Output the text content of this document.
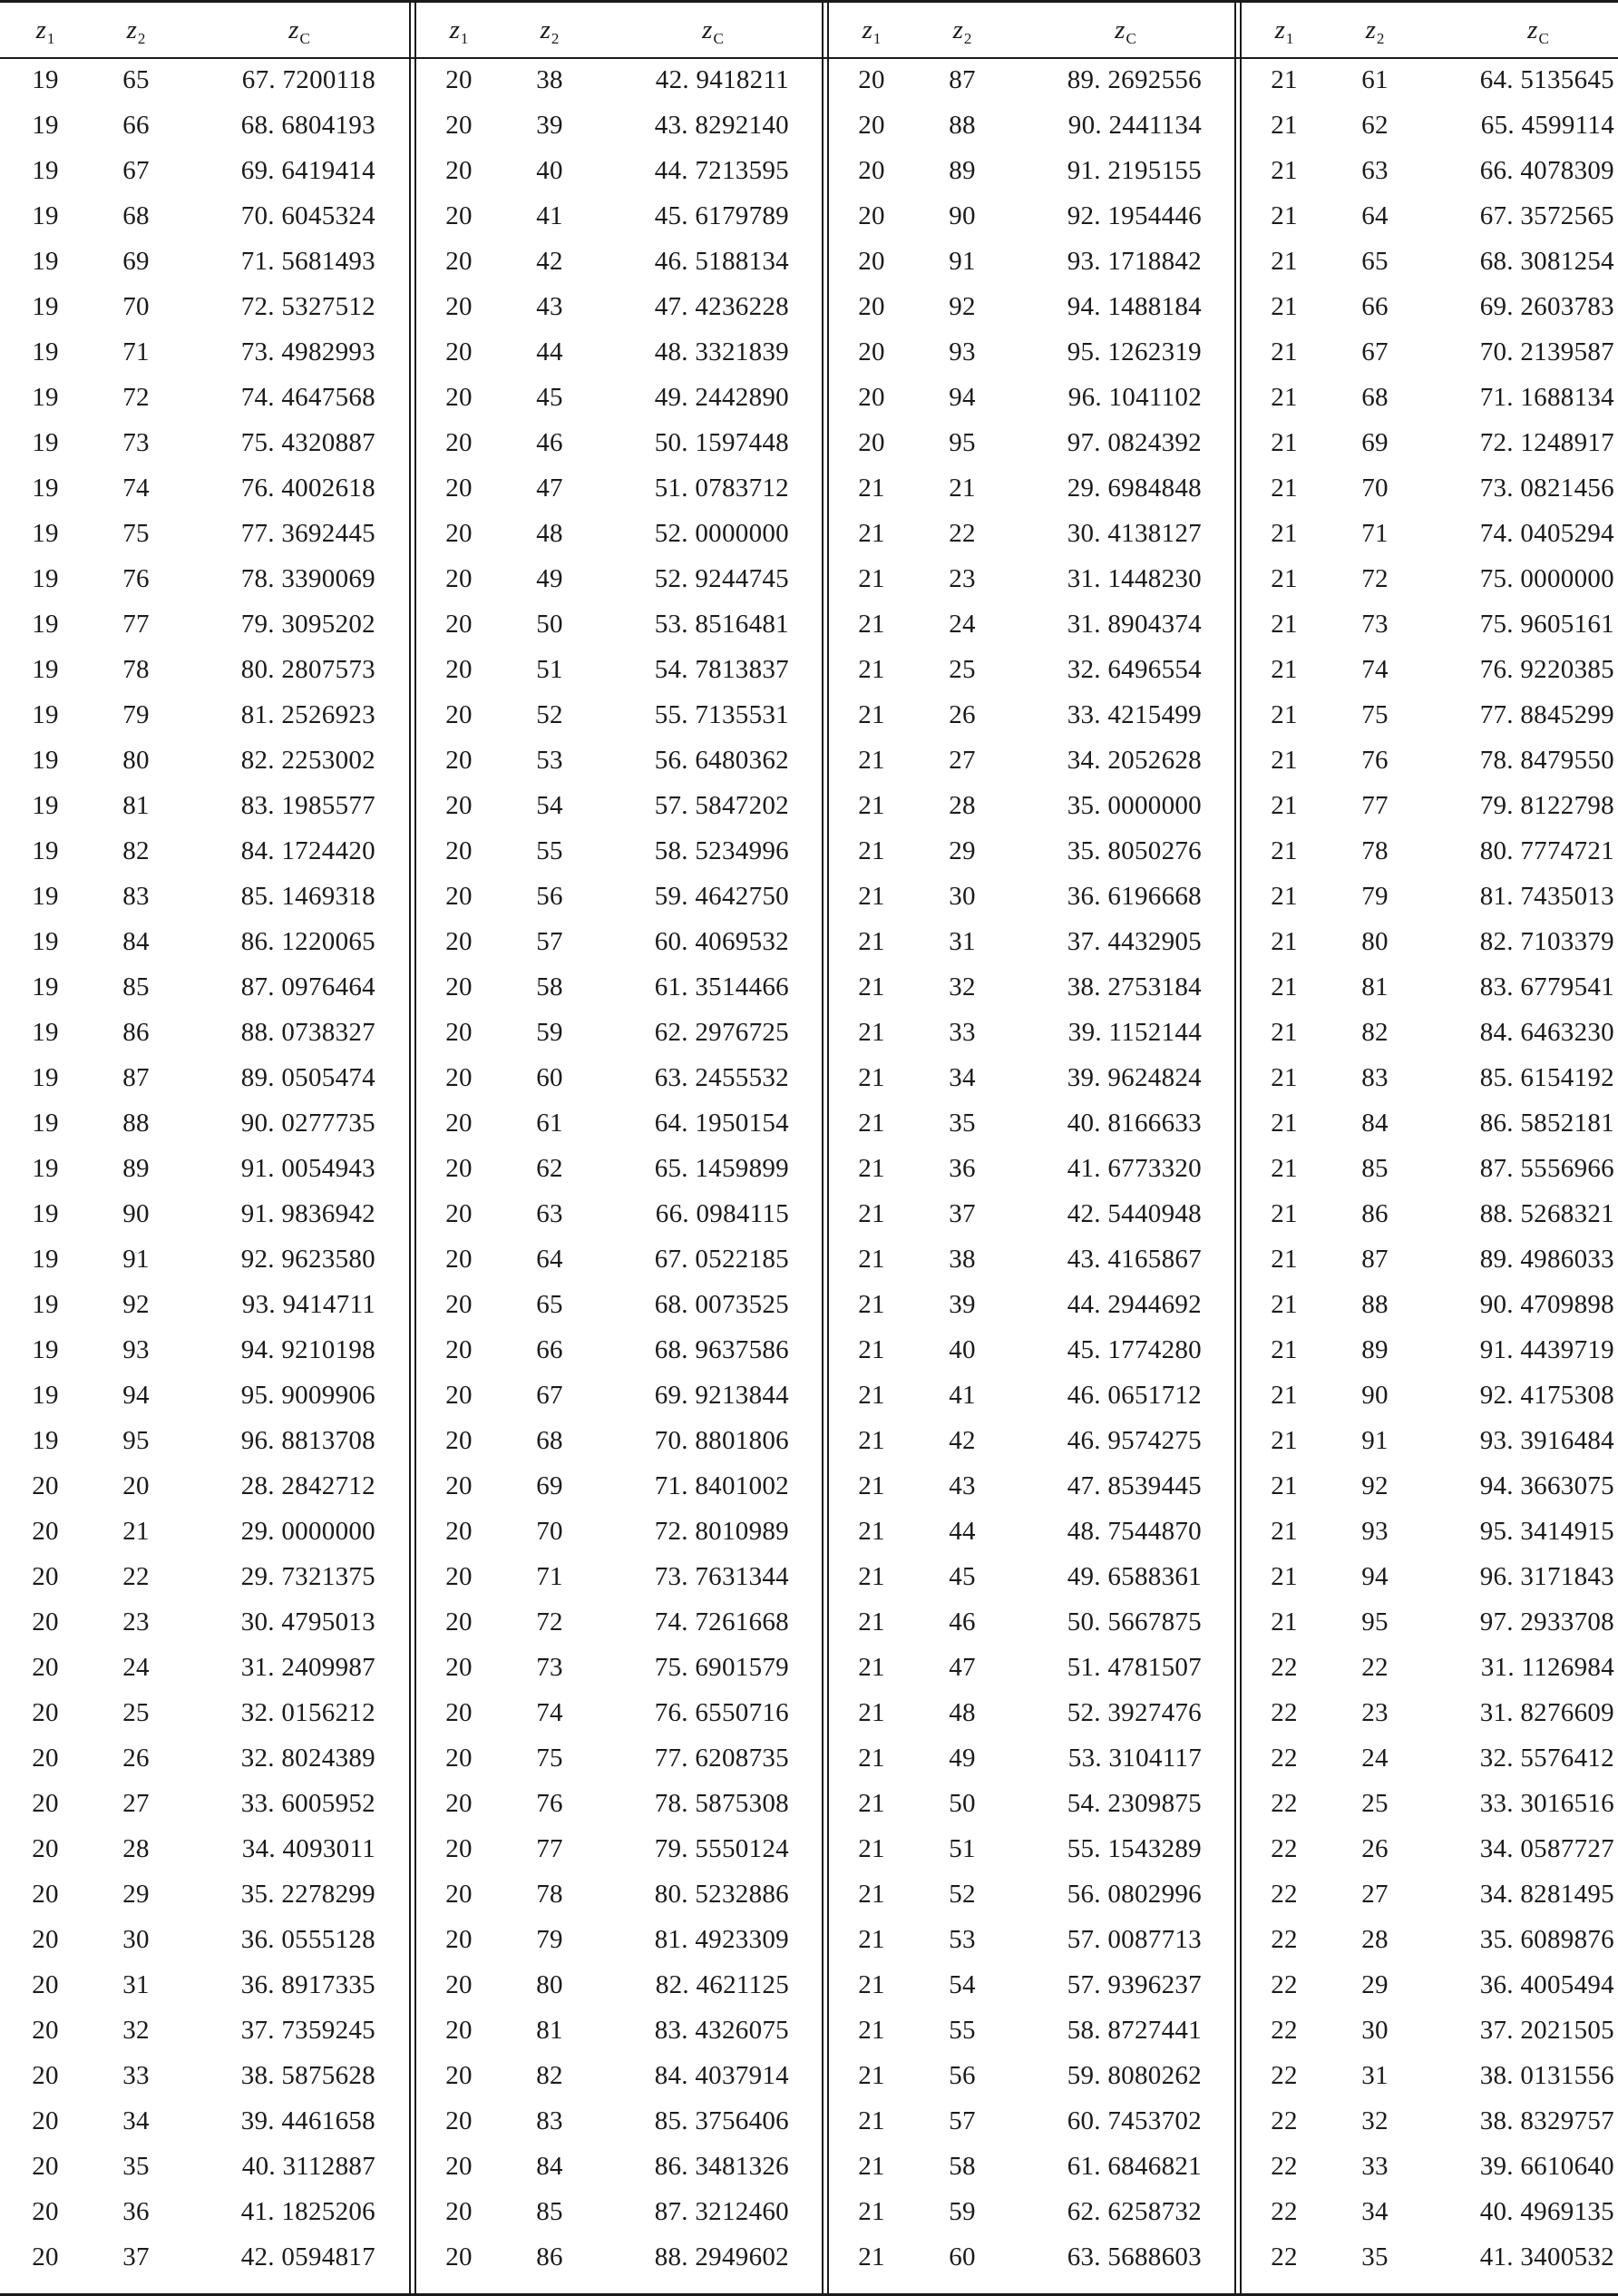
$z_1$	$z_2$	$z_C$
19	65	67. 7200118
19	66	68. 6804193
19	67	69. 6419414
19	68	70. 6045324
19	69	71. 5681493
19	70	72. 5327512
19	71	73. 4982993
19	72	74. 4647568
19	73	75. 4320887
19	74	76. 4002618
19	75	77. 3692445
19	76	78. 3390069
19	77	79. 3095202
19	78	80. 2807573
19	79	81. 2526923
19	80	82. 2253002
19	81	83. 1985577
19	82	84. 1724420
19	83	85. 1469318
19	84	86. 1220065
19	85	87. 0976464
19	86	88. 0738327
19	87	89. 0505474
19	88	90. 0277735
19	89	91. 0054943
19	90	91. 9836942
19	91	92. 9623580
19	92	93. 9414711
19	93	94. 9210198
19	94	95. 9009906
19	95	96. 8813708
20	20	28. 2842712
20	21	29. 0000000
20	22	29. 7321375
20	23	30. 4795013
20	24	31. 2409987
20	25	32. 0156212
20	26	32. 8024389
20	27	33. 6005952
20	28	34. 4093011
20	29	35. 2278299
20	30	36. 0555128
20	31	36. 8917335
20	32	37. 7359245
20	33	38. 5875628
20	34	39. 4461658
20	35	40. 3112887
20	36	41. 1825206
20	37	42. 0594817
$z_1$	$z_2$	$z_C$
20	38	42. 9418211
20	39	43. 8292140
20	40	44. 7213595
20	41	45. 6179789
20	42	46. 5188134
20	43	47. 4236228
20	44	48. 3321839
20	45	49. 2442890
20	46	50. 1597448
20	47	51. 0783712
20	48	52. 0000000
20	49	52. 9244745
20	50	53. 8516481
20	51	54. 7813837
20	52	55. 7135531
20	53	56. 6480362
20	54	57. 5847202
20	55	58. 5234996
20	56	59. 4642750
20	57	60. 4069532
20	58	61. 3514466
20	59	62. 2976725
20	60	63. 2455532
20	61	64. 1950154
20	62	65. 1459899
20	63	66. 0984115
20	64	67. 0522185
20	65	68. 0073525
20	66	68. 9637586
20	67	69. 9213844
20	68	70. 8801806
20	69	71. 8401002
20	70	72. 8010989
20	71	73. 7631344
20	72	74. 7261668
20	73	75. 6901579
20	74	76. 6550716
20	75	77. 6208735
20	76	78. 5875308
20	77	79. 5550124
20	78	80. 5232886
20	79	81. 4923309
20	80	82. 4621125
20	81	83. 4326075
20	82	84. 4037914
20	83	85. 3756406
20	84	86. 3481326
20	85	87. 3212460
20	86	88. 2949602
$z_1$	$z_2$	$z_C$
20	87	89. 2692556
20	88	90. 2441134
20	89	91. 2195155
20	90	92. 1954446
20	91	93. 1718842
20	92	94. 1488184
20	93	95. 1262319
20	94	96. 1041102
20	95	97. 0824392
21	21	29. 6984848
21	22	30. 4138127
21	23	31. 1448230
21	24	31. 8904374
21	25	32. 6496554
21	26	33. 4215499
21	27	34. 2052628
21	28	35. 0000000
21	29	35. 8050276
21	30	36. 6196668
21	31	37. 4432905
21	32	38. 2753184
21	33	39. 1152144
21	34	39. 9624824
21	35	40. 8166633
21	36	41. 6773320
21	37	42. 5440948
21	38	43. 4165867
21	39	44. 2944692
21	40	45. 1774280
21	41	46. 0651712
21	42	46. 9574275
21	43	47. 8539445
21	44	48. 7544870
21	45	49. 6588361
21	46	50. 5667875
21	47	51. 4781507
21	48	52. 3927476
21	49	53. 3104117
21	50	54. 2309875
21	51	55. 1543289
21	52	56. 0802996
21	53	57. 0087713
21	54	57. 9396237
21	55	58. 8727441
21	56	59. 8080262
21	57	60. 7453702
21	58	61. 6846821
21	59	62. 6258732
21	60	63. 5688603
$z_1$	$z_2$	$z_C$
21	61	64. 5135645
21	62	65. 4599114
21	63	66. 4078309
21	64	67. 3572565
21	65	68. 3081254
21	66	69. 2603783
21	67	70. 2139587
21	68	71. 1688134
21	69	72. 1248917
21	70	73. 0821456
21	71	74. 0405294
21	72	75. 0000000
21	73	75. 9605161
21	74	76. 9220385
21	75	77. 8845299
21	76	78. 8479550
21	77	79. 8122798
21	78	80. 7774721
21	79	81. 7435013
21	80	82. 7103379
21	81	83. 6779541
21	82	84. 6463230
21	83	85. 6154192
21	84	86. 5852181
21	85	87. 5556966
21	86	88. 5268321
21	87	89. 4986033
21	88	90. 4709898
21	89	91. 4439719
21	90	92. 4175308
21	91	93. 3916484
21	92	94. 3663075
21	93	95. 3414915
21	94	96. 3171843
21	95	97. 2933708
22	22	31. 1126984
22	23	31. 8276609
22	24	32. 5576412
22	25	33. 3016516
22	26	34. 0587727
22	27	34. 8281495
22	28	35. 6089876
22	29	36. 4005494
22	30	37. 2021505
22	31	38. 0131556
22	32	38. 8329757
22	33	39. 6610640
22	34	40. 4969135
22	35	41. 3400532
